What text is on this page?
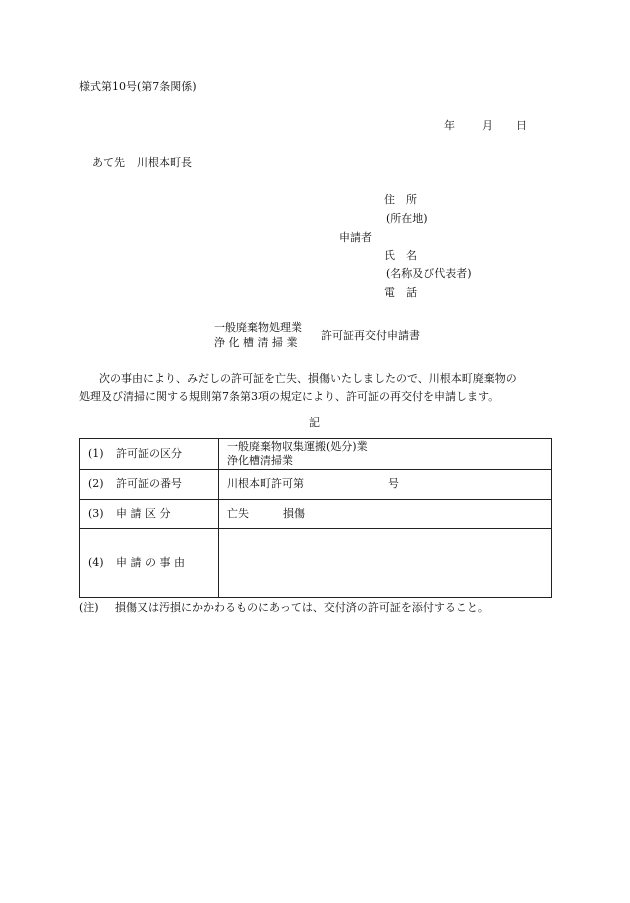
様式第10号(第7条関係)
年 月 日
あて先 川根本町長
住　所
(所在地)
申請者
氏　名
(名称及び代表者)
電　話
一般廃棄物処理業
浄 化 槽 清 掃 業
許可証再交付申請書
次の事由により、みだしの許可証を亡失、損傷いたしましたので、川根本町廃棄物の
処理及び清掃に関する規則第7条第3項の規定により、許可証の再交付を申請します。
記
(1) 許可証の区分	一般廃棄物収集運搬(処分)業
浄化槽清掃業

(2) 許可証の番号	川根本町許可第 号
(3) 申 請 区 分	亡失 損傷
(4) 申 請 の 事 由	
(注) 損傷又は汚損にかかわるものにあっては、交付済の許可証を添付すること。
